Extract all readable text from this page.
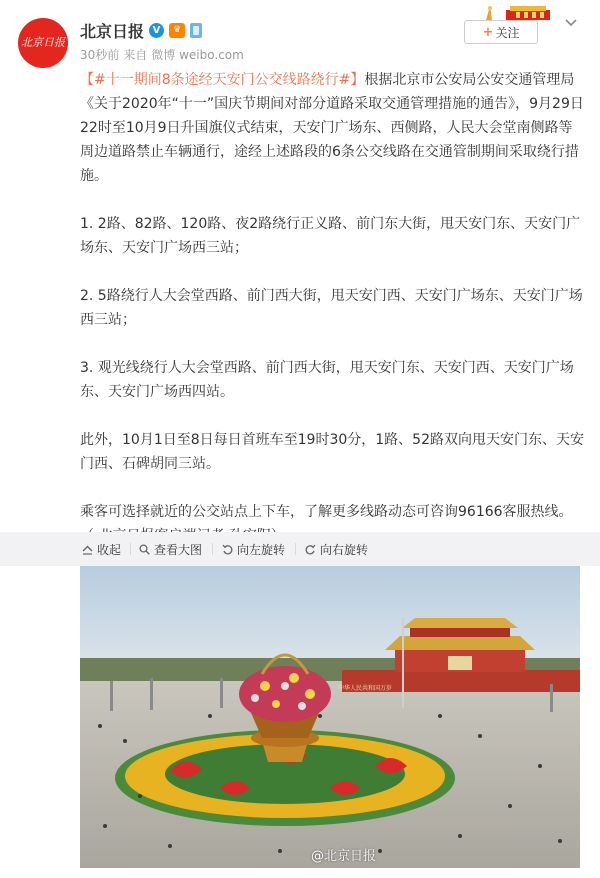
北京日报
北京日报 V	♛
30秒前 来自 微博 weibo.com
+ 关注

【#十一期间8条途经天安门公交线路绕行#】根据北京市公安局公安交通管理局《关于2020年“十一”国庆节期间对部分道路采取交通管理措施的通告》，9月29日22时至10月9日升国旗仪式结束，天安门广场东、西侧路，人民大会堂南侧路等周边道路禁止车辆通行，途经上述路段的6条公交线路在交通管制期间采取绕行措施。

1. 2路、82路、120路、夜2路绕行正义路、前门东大街，甩天安门东、天安门广场东、天安门广场西三站；

2. 5路绕行人大会堂西路、前门西大街，甩天安门西、天安门广场东、天安门广场西三站；

3. 观光线绕行人大会堂西路、前门西大街，甩天安门东、天安门西、天安门广场东、天安门广场西四站。

此外，10月1日至8日每日首班车至19时30分，1路、52路双向甩天安门东、天安门西、石碑胡同三站。

乘客可选择就近的公交站点上下车，了解更多线路动态可咨询96166客服热线。

收起	查看大图	向左旋转	向右旋转
中华人民共和国万岁
@北京日报
